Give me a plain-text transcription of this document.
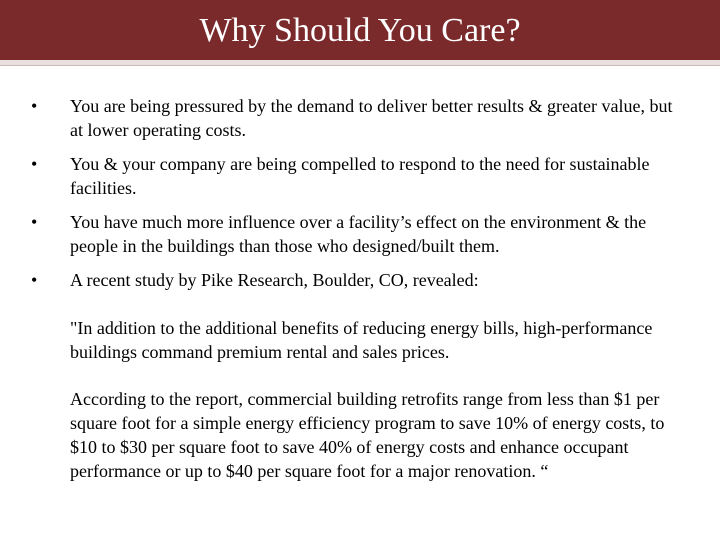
Why Should You Care?
• You are being pressured by the demand to deliver better results & greater value, but at lower operating costs.

• You & your company are being compelled to respond to the need for sustainable facilities.

• You have much more influence over a facility’s effect on the environment & the people in the buildings than those who designed/built them.

• A recent study by Pike Research, Boulder, CO, revealed:

"In addition to the additional benefits of reducing energy bills, high-performance buildings command premium rental and sales prices.

According to the report, commercial building retrofits range from less than $1 per square foot for a simple energy efficiency program to save 10% of energy costs, to $10 to $30 per square foot to save 40% of energy costs and enhance occupant performance or up to $40 per square foot for a major renovation. “
